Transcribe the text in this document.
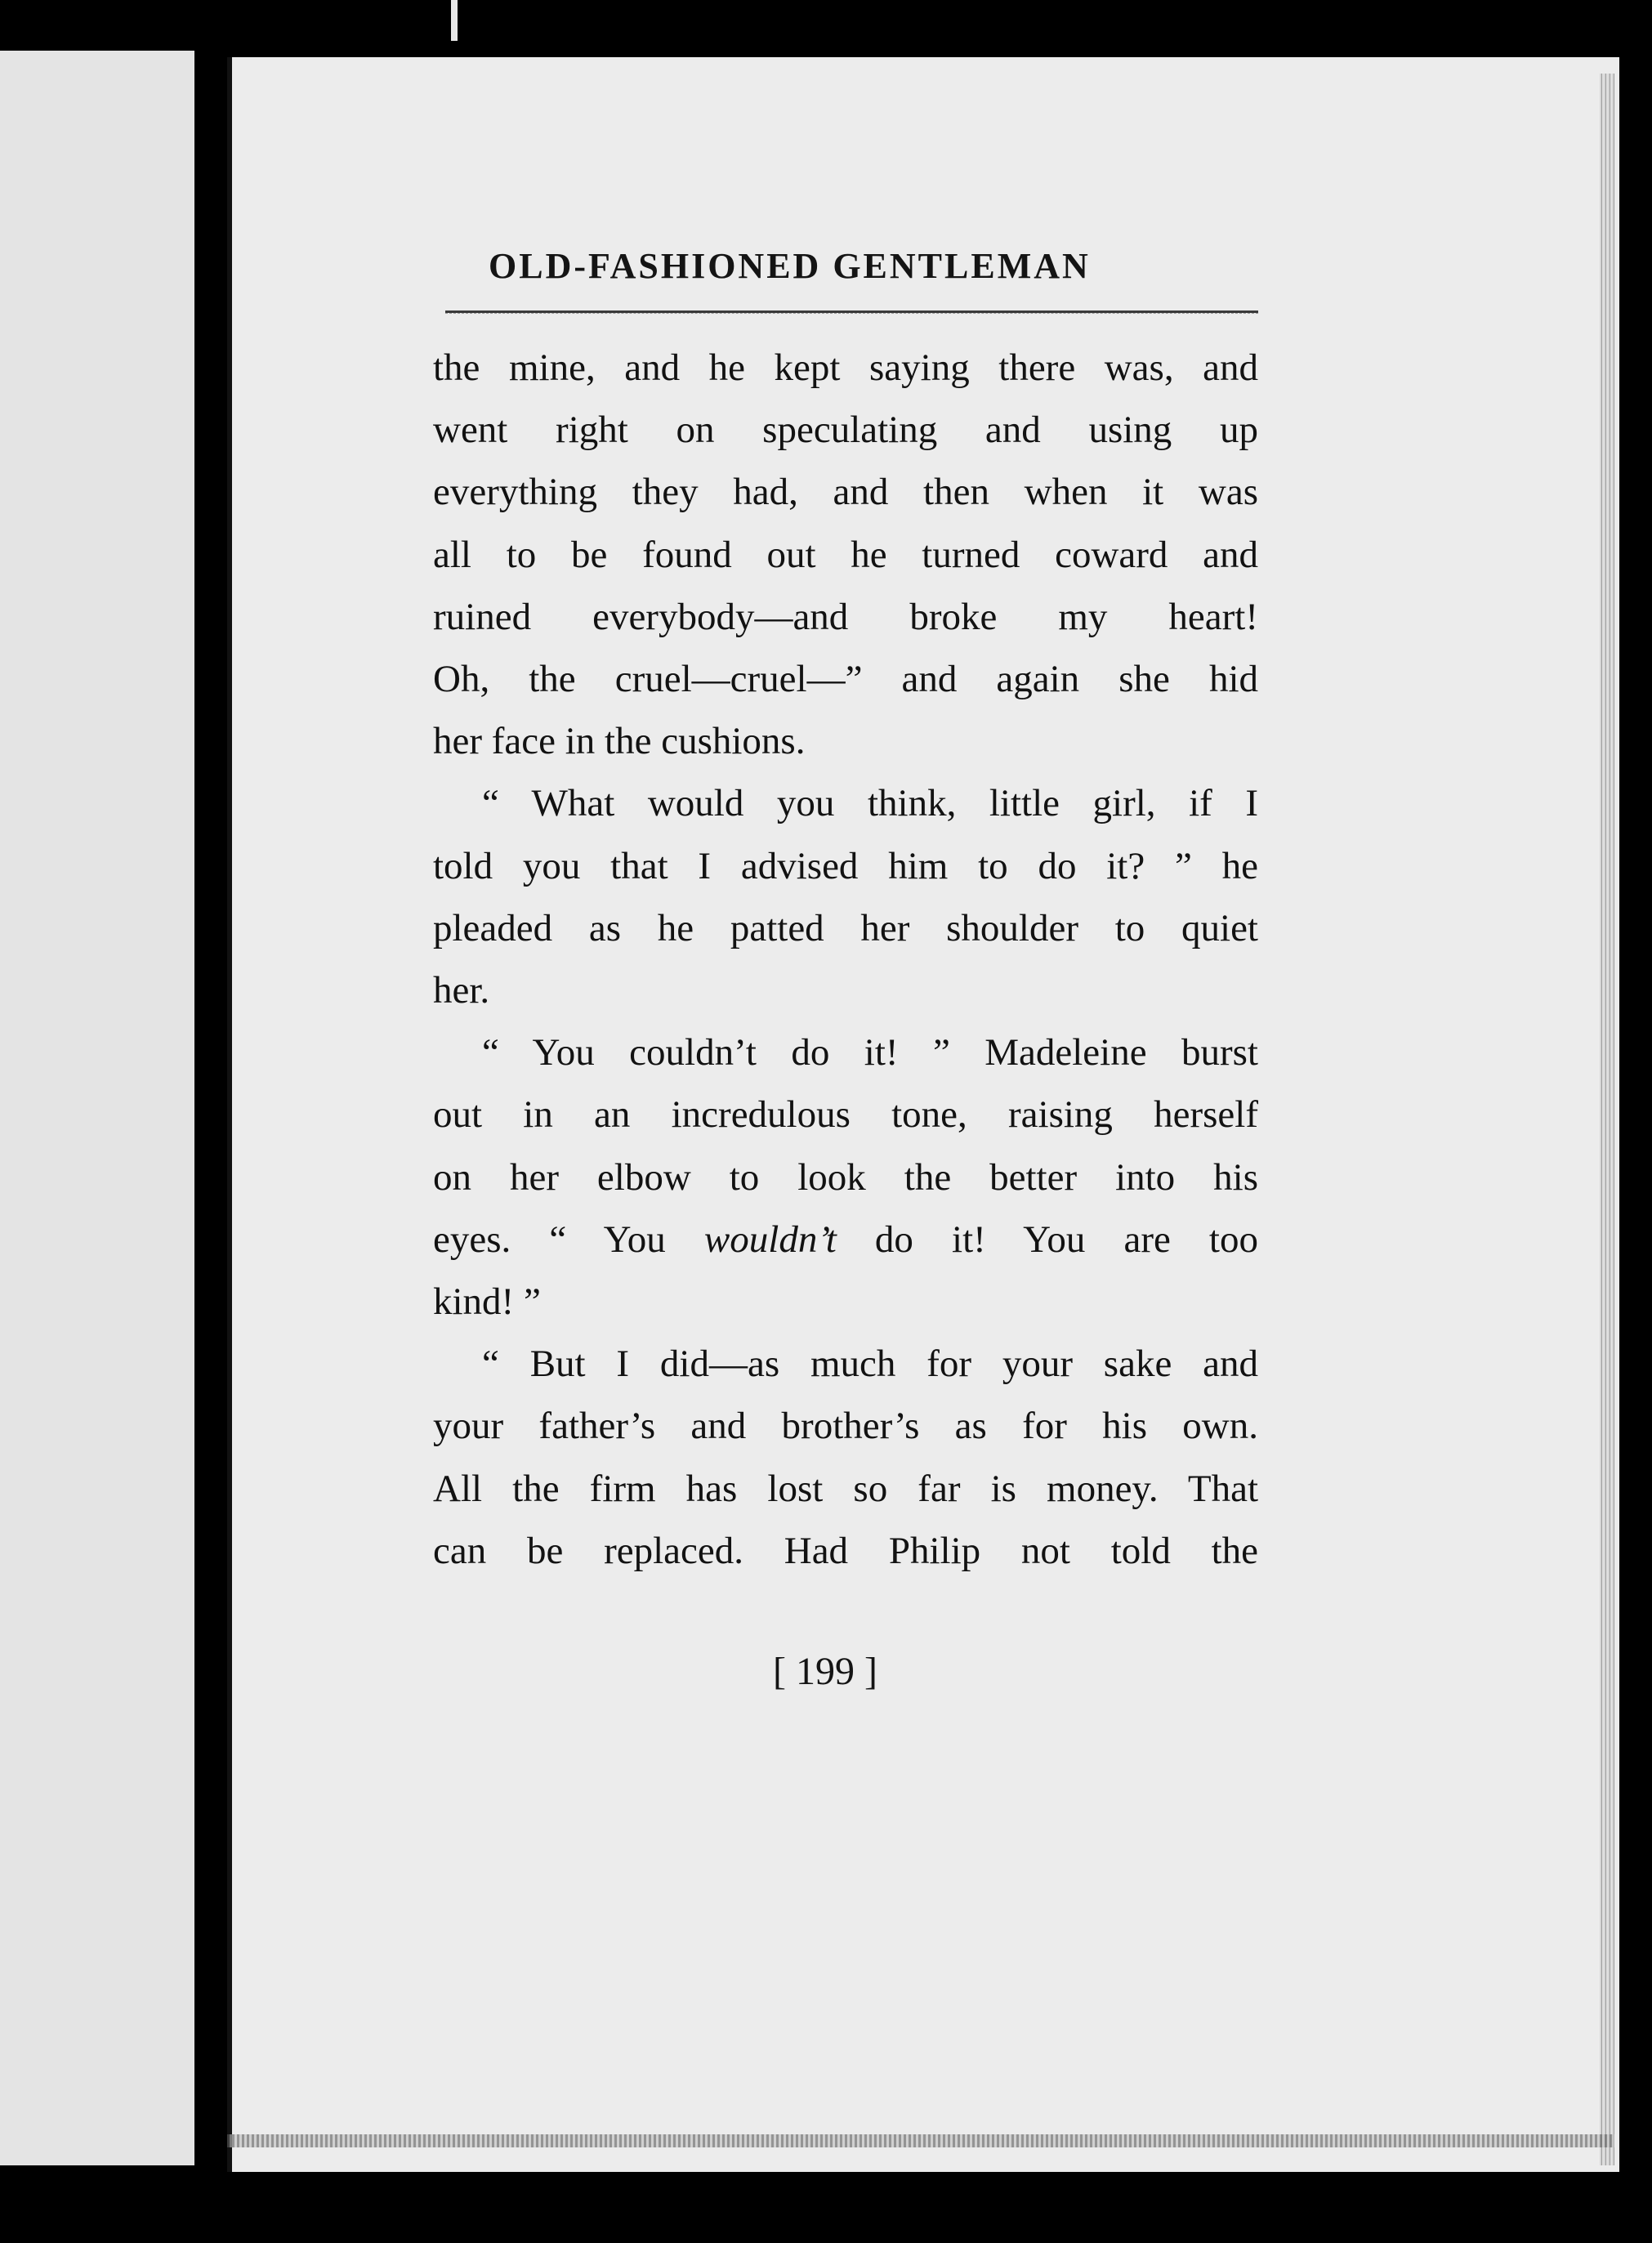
OLD-FASHIONED GENTLEMAN

the mine, and he kept saying there was, and

went right on speculating and using up

everything they had, and then when it was

all to be found out he turned coward and

ruined everybody—and broke my heart!

Oh, the cruel—cruel—” and again she hid

her face in the cushions.

“ What would you think, little girl, if I

told you that I advised him to do it? ” he

pleaded as he patted her shoulder to quiet

her.

“ You couldn’t do it! ” Madeleine burst

out in an incredulous tone, raising herself

on her elbow to look the better into his

eyes. “ You wouldn’t do it! You are too

kind! ”

“ But I did—as much for your sake and

your father’s and brother’s as for his own.

All the firm has lost so far is money. That

can be replaced. Had Philip not told the

[ 199 ]
